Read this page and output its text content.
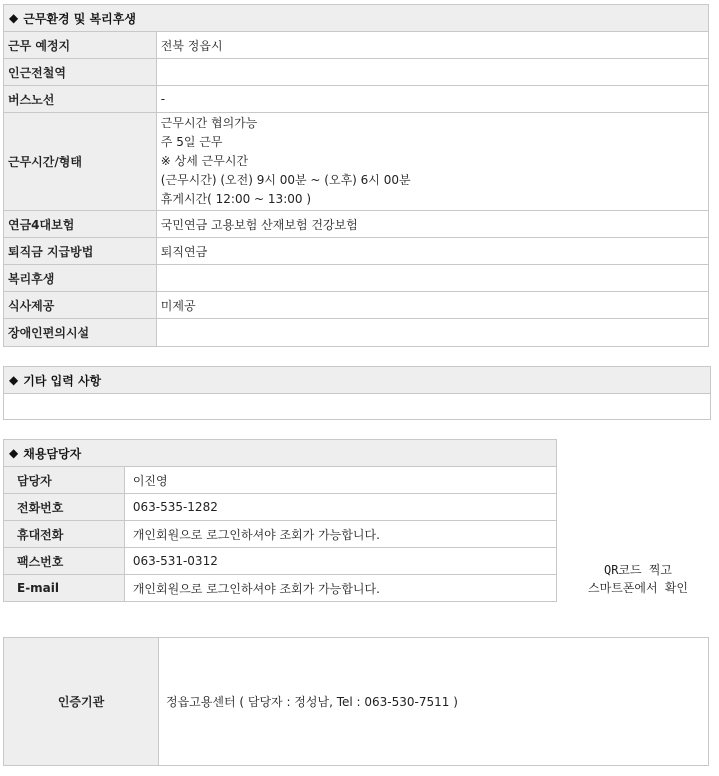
◆ 근무환경 및 복리후생
근무 예정지	전북 정읍시
인근전철역	
버스노선	-
근무시간/형태	근무시간 협의가능
주 5일 근무
※ 상세 근무시간
(근무시간) (오전) 9시 00분 ~ (오후) 6시 00분
휴게시간( 12:00 ~ 13:00 )

연금4대보험	국민연금 고용보험 산재보험 건강보험
퇴직금 지급방법	퇴직연금
복리후생	
식사제공	미제공
장애인편의시설	
◆ 기타 입력 사항
◆ 채용담당자
담당자	이진영
전화번호	063-535-1282
휴대전화	개인회원으로 로그인하셔야 조회가 가능합니다.
팩스번호	063-531-0312
E-mail	개인회원으로 로그인하셔야 조회가 가능합니다.
QR코드 찍고
스마트폰에서 확인
인증기관	정읍고용센터 ( 담당자 : 정성남, Tel : 063-530-7511 )
